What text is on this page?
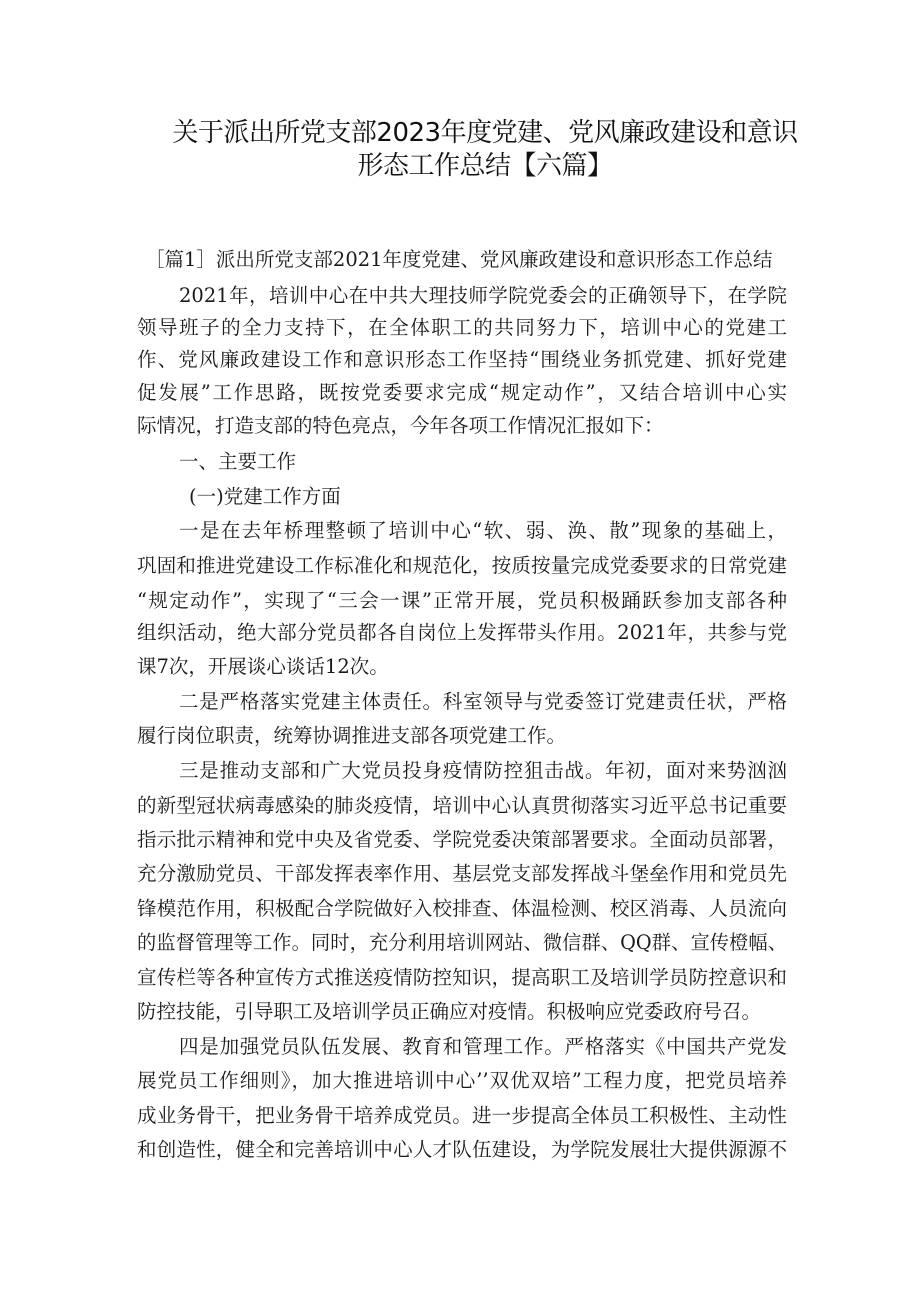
关于派出所党支部2023年度党建、党风廉政建设和意识
形态工作总结【六篇】
［篇1］派出所党支部2021年度党建、党风廉政建设和意识形态工作总结
2021年，培训中心在中共大理技师学院党委会的正确领导下，在学院
领导班子的全力支持下，在全体职工的共同努力下，培训中心的党建工
作、党风廉政建设工作和意识形态工作坚持“围绕业务抓党建、抓好党建
促发展”工作思路，既按党委要求完成“规定动作”，又结合培训中心实
际情况，打造支部的特色亮点，今年各项工作情况汇报如下：
一、主要工作
(一)党建工作方面
一是在去年桥理整顿了培训中心“软、弱、涣、散”现象的基础上，
巩固和推进党建设工作标准化和规范化，按质按量完成党委要求的日常党建
“规定动作”，实现了“三会一课”正常开展，党员积极踊跃参加支部各种
组织活动，绝大部分党员都各自岗位上发挥带头作用。2021年，共参与党
课7次，开展谈心谈话12次。
二是严格落实党建主体责任。科室领导与党委签订党建责任状，严格
履行岗位职责，统筹协调推进支部各项党建工作。
三是推动支部和广大党员投身疫情防控狙击战。年初，面对来势汹汹
的新型冠状病毒感染的肺炎疫情，培训中心认真贯彻落实习近平总书记重要
指示批示精神和党中央及省党委、学院党委决策部署要求。全面动员部署，
充分激励党员、干部发挥表率作用、基层党支部发挥战斗堡垒作用和党员先
锋模范作用，积极配合学院做好入校排查、体温检测、校区消毒、人员流向
的监督管理等工作。同时，充分利用培训网站、微信群、QQ群、宣传橙幅、
宣传栏等各种宣传方式推送疫情防控知识，提高职工及培训学员防控意识和
防控技能，引导职工及培训学员正确应对疫情。积极响应党委政府号召。
四是加强党员队伍发展、教育和管理工作。严格落实《中国共产党发
展党员工作细则》，加大推进培训中心’’双优双培”工程力度，把党员培养
成业务骨干，把业务骨干培养成党员。进一步提高全体员工积极性、主动性
和创造性，健全和完善培训中心人才队伍建设，为学院发展壮大提供源源不
